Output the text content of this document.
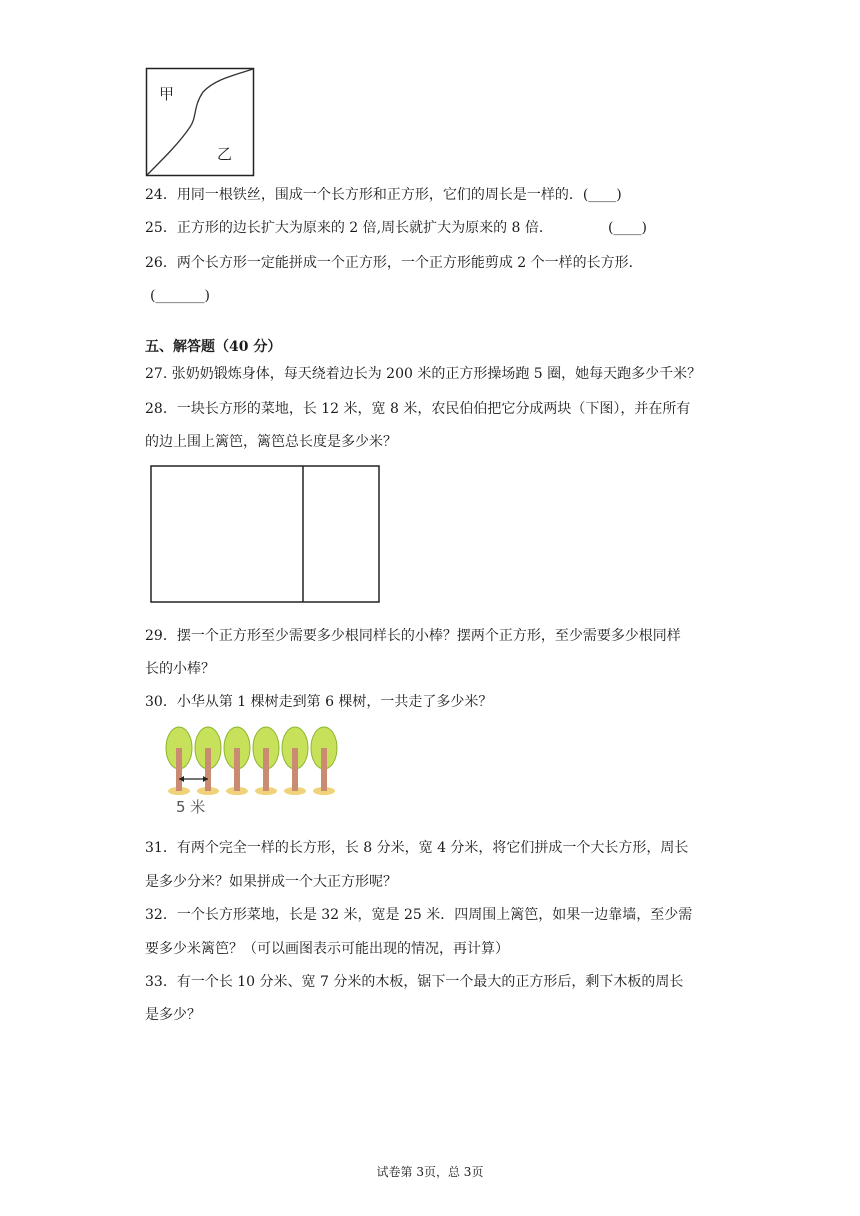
甲
乙
24．用同一根铁丝，围成一个长方形和正方形，它们的周长是一样的．(____)
25．正方形的边长扩大为原来的 2 倍,周长就扩大为原来的 8 倍．	(____)
26．两个长方形一定能拼成一个正方形，一个正方形能剪成 2 个一样的长方形．
(_______)
五、解答题（40 分）
27. 张奶奶锻炼身体，每天绕着边长为 200 米的正方形操场跑 5 圈，她每天跑多少千米？
28．一块长方形的菜地，长 12 米，宽 8 米，农民伯伯把它分成两块（下图），并在所有
的边上围上篱笆，篱笆总长度是多少米？
29．摆一个正方形至少需要多少根同样长的小棒？摆两个正方形，至少需要多少根同样
长的小棒？
30．小华从第 1 棵树走到第 6 棵树，一共走了多少米？
5 米
31．有两个完全一样的长方形，长 8 分米，宽 4 分米，将它们拼成一个大长方形，周长
是多少分米？如果拼成一个大正方形呢？
32．一个长方形菜地，长是 32 米，宽是 25 米．四周围上篱笆，如果一边靠墙，至少需
要多少米篱笆？（可以画图表示可能出现的情况，再计算）
33．有一个长 10 分米、宽 7 分米的木板，锯下一个最大的正方形后，剩下木板的周长
是多少？
试卷第 3页，总 3页
